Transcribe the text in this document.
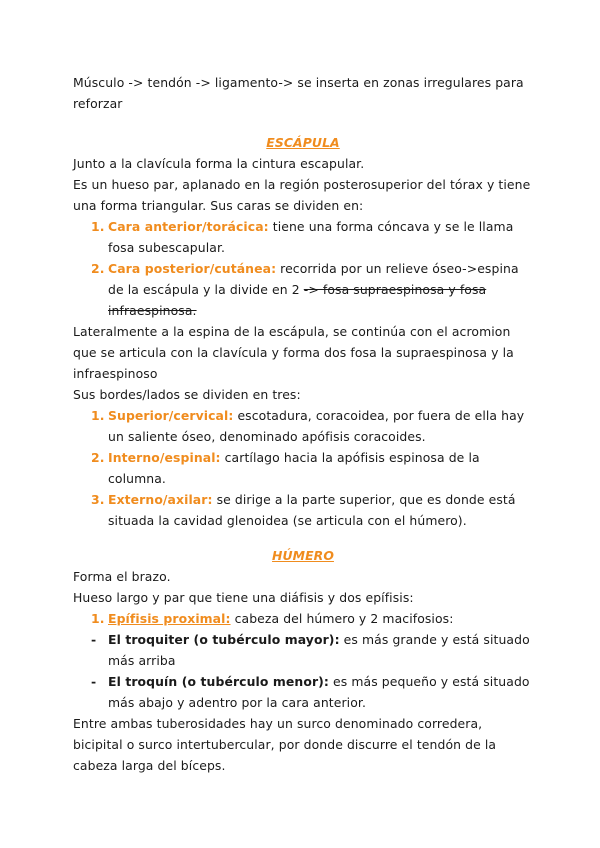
Músculo -> tendón -> ligamento-> se inserta en zonas irregulares para reforzar

ESCÁPULA

Junto a la clavícula forma la cintura escapular.

Es un hueso par, aplanado en la región posterosuperior del tórax y tiene una forma triangular. Sus caras se dividen en:

1. Cara anterior/torácica: tiene una forma cóncava y se le llama fosa subescapular.
2. Cara posterior/cutánea: recorrida por un relieve óseo->espina de la escápula y la divide en 2 -> fosa supraespinosa y fosa infraespinosa.

Lateralmente a la espina de la escápula, se continúa con el acromion que se articula con la clavícula y forma dos fosa la supraespinosa y la infraespinoso

Sus bordes/lados se dividen en tres:

1. Superior/cervical: escotadura, coracoidea, por fuera de ella hay un saliente óseo, denominado apófisis coracoides.
2. Interno/espinal: cartílago hacia la apófisis espinosa de la columna.
3. Externo/axilar: se dirige a la parte superior, que es donde está situada la cavidad glenoidea (se articula con el húmero).
HÚMERO

Forma el brazo.

Hueso largo y par que tiene una diáfisis y dos epífisis:

1. Epífisis proximal: cabeza del húmero y 2 macifosios:
- El troquiter (o tubérculo mayor): es más grande y está situado más arriba
- El troquín (o tubérculo menor): es más pequeño y está situado más abajo y adentro por la cara anterior.

Entre ambas tuberosidades hay un surco denominado corredera, bicipital o surco intertubercular, por donde discurre el tendón de la cabeza larga del bíceps.
